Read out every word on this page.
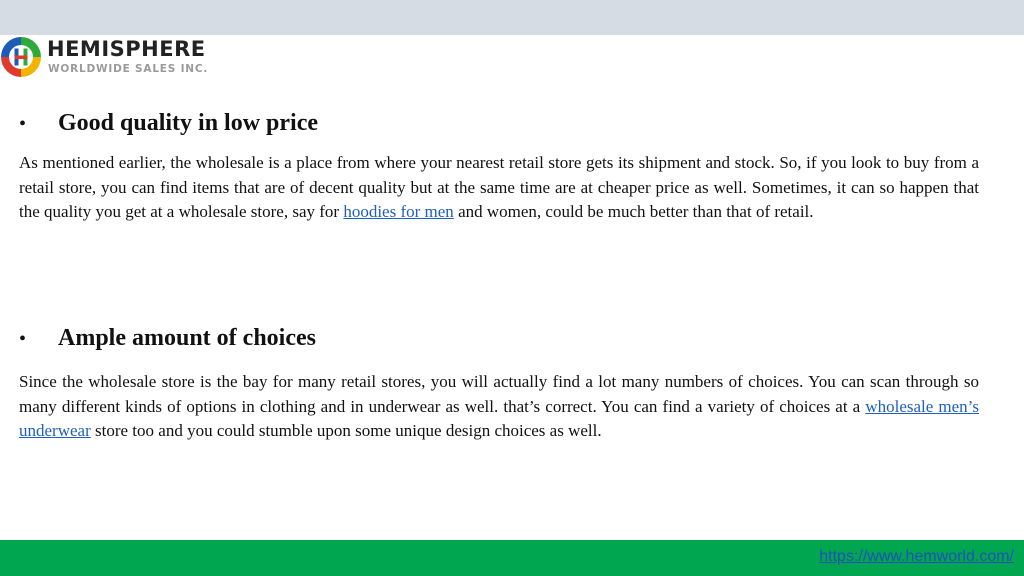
HEMISPHERE
WORLDWIDE SALES INC.
•	Good quality in low price

As mentioned earlier, the wholesale is a place from where your nearest retail store gets its shipment and stock. So, if you look to buy from a retail store, you can find items that are of decent quality but at the same time are at cheaper price as well. Sometimes, it can so happen that the quality you get at a wholesale store, say for hoodies for men and women, could be much better than that of retail.

•	Ample amount of choices

Since the wholesale store is the bay for many retail stores, you will actually find a lot many numbers of choices. You can scan through so many different kinds of options in clothing and in underwear as well. that’s correct. You can find a variety of choices at a wholesale men’s underwear store too and you could stumble upon some unique design choices as well.

https://www.hemworld.com/
